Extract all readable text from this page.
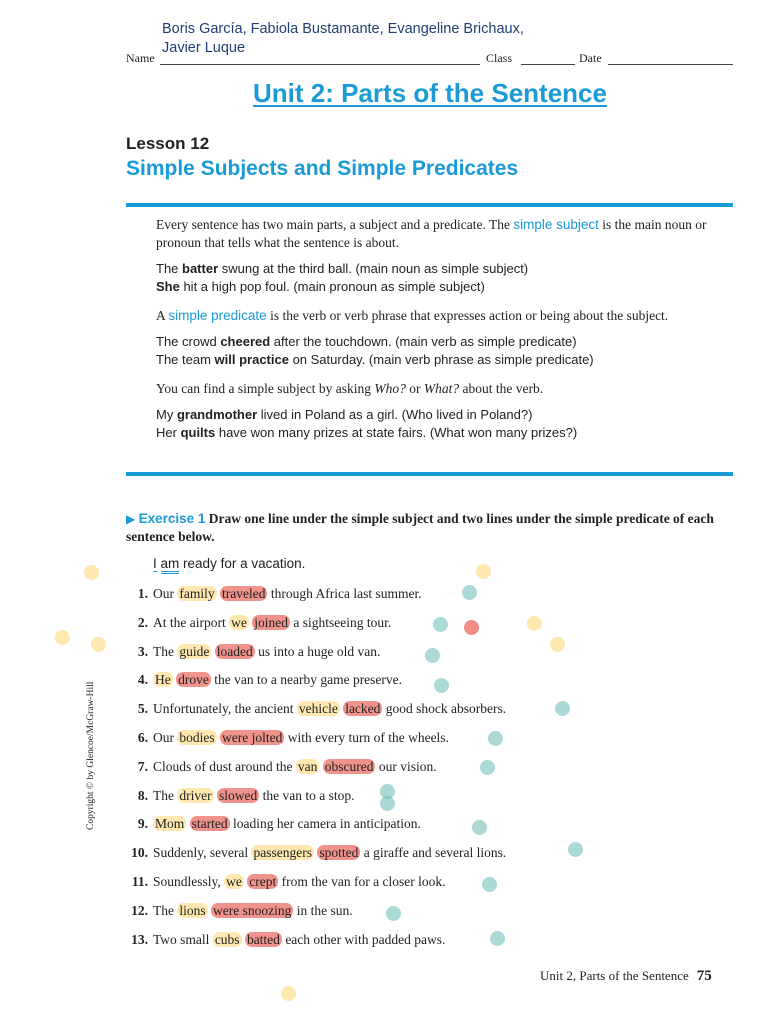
Boris García, Fabiola Bustamante, Evangeline Brichaux, Javier Luque
Name	Class	Date
Unit 2: Parts of the Sentence
Lesson 12
Simple Subjects and Simple Predicates

Every sentence has two main parts, a subject and a predicate. The simple subject is the main noun or pronoun that tells what the sentence is about.

The batter swung at the third ball. (main noun as simple subject)

She hit a high pop foul. (main pronoun as simple subject)

A simple predicate is the verb or verb phrase that expresses action or being about the subject.

The crowd cheered after the touchdown. (main verb as simple predicate)

The team will practice on Saturday. (main verb phrase as simple predicate)

You can find a simple subject by asking Who? or What? about the verb.

My grandmother lived in Poland as a girl. (Who lived in Poland?)

Her quilts have won many prizes at state fairs. (What won many prizes?)

▶ Exercise 1 Draw one line under the simple subject and two lines under the simple predicate of each sentence below.
I am ready for a vacation.
1. Our family traveled through Africa last summer.
2. At the airport we joined a sightseeing tour.
3. The guide loaded us into a huge old van.
4. He drove the van to a nearby game preserve.
5. Unfortunately, the ancient vehicle lacked good shock absorbers.
6. Our bodies were jolted with every turn of the wheels.
7. Clouds of dust around the van obscured our vision.
8. The driver slowed the van to a stop.
9. Mom started loading her camera in anticipation.
10. Suddenly, several passengers spotted a giraffe and several lions.
11. Soundlessly, we crept from the van for a closer look.
12. The lions were snoozing in the sun.
13. Two small cubs batted each other with padded paws.
Copyright © by Glencoe/McGraw-Hill
Unit 2, Parts of the Sentence 75
